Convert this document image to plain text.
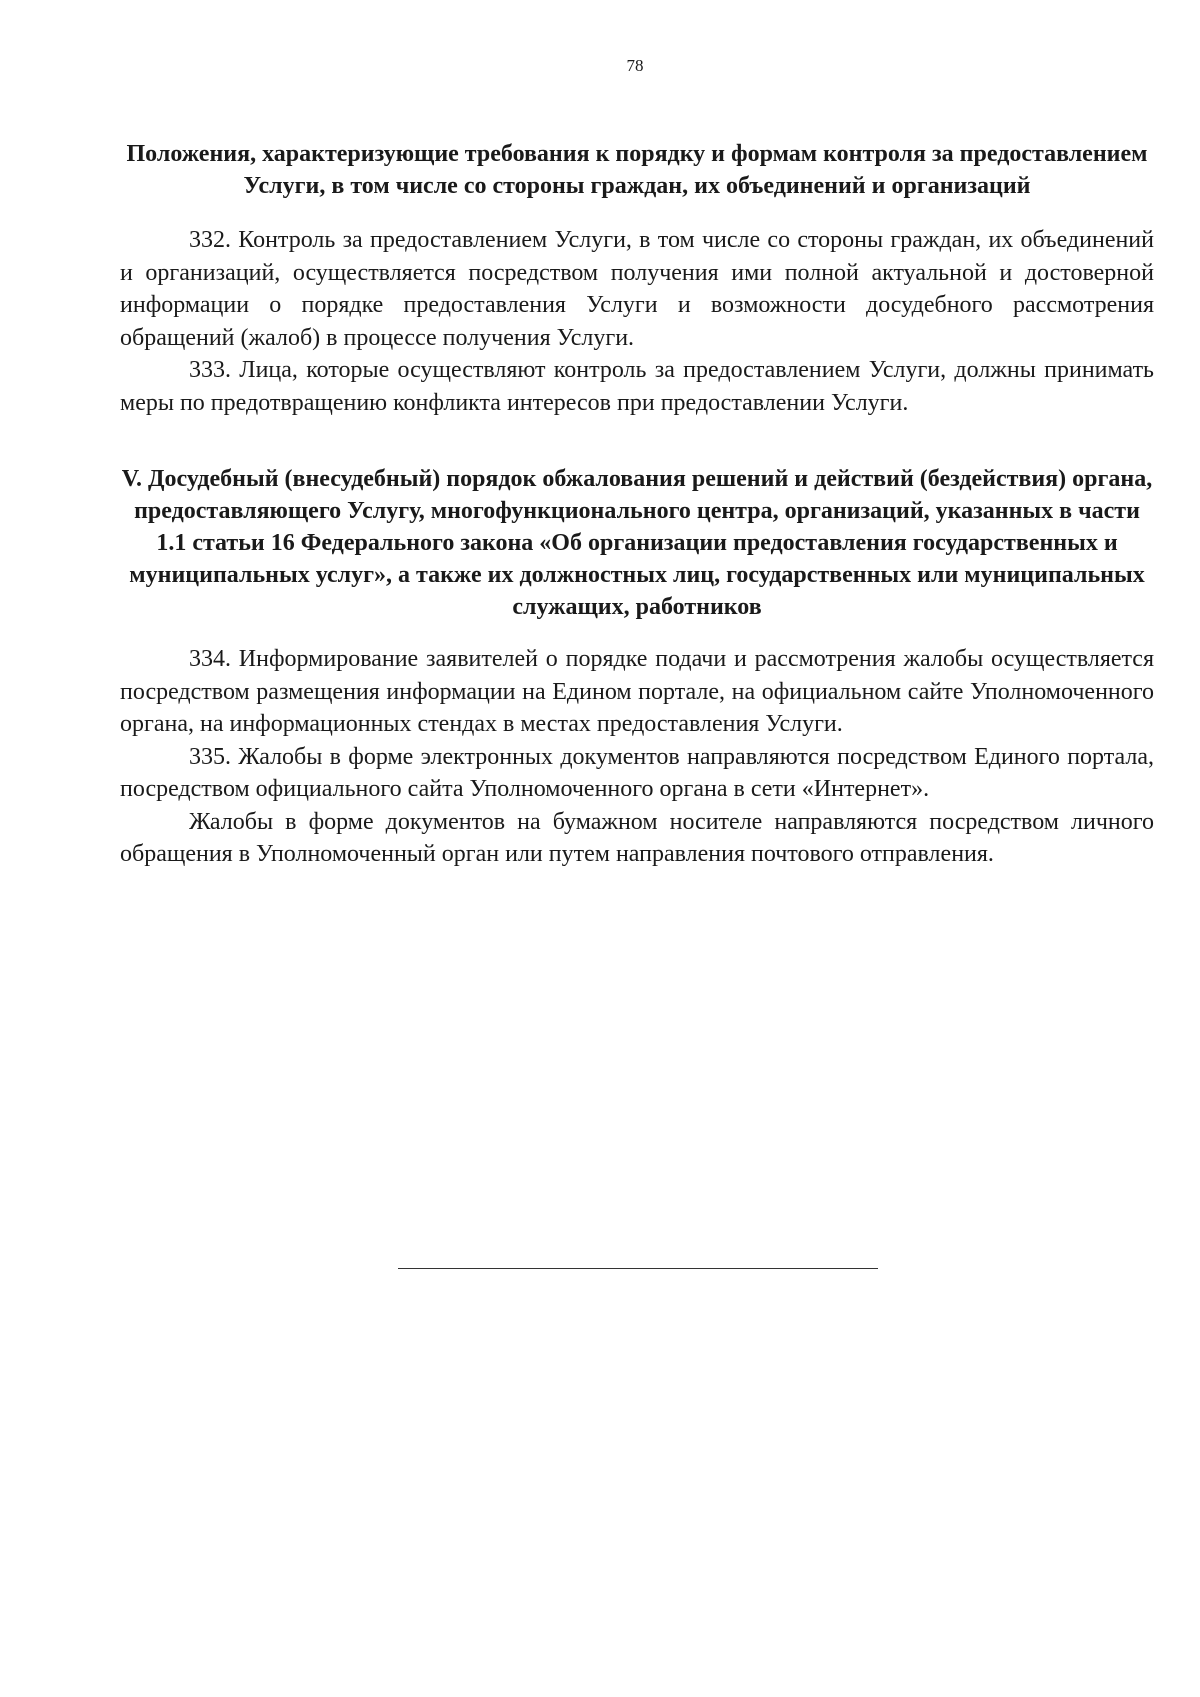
78
Положения, характеризующие требования к порядку и формам контроля за предоставлением Услуги, в том числе со стороны граждан, их объединений и организаций

332. Контроль за предоставлением Услуги, в том числе со стороны граждан, их объединений и организаций, осуществляется посредством получения ими полной актуальной и достоверной информации о порядке предоставления Услуги и возможности досудебного рассмотрения обращений (жалоб) в процессе получения Услуги.

333. Лица, которые осуществляют контроль за предоставлением Услуги, должны принимать меры по предотвращению конфликта интересов при предоставлении Услуги.

V. Досудебный (внесудебный) порядок обжалования решений и действий (бездействия) органа, предоставляющего Услугу, многофункционального центра, организаций, указанных в части 1.1 статьи 16 Федерального закона «Об организации предоставления государственных и муниципальных услуг», а также их должностных лиц, государственных или муниципальных служащих, работников

334. Информирование заявителей о порядке подачи и рассмотрения жалобы осуществляется посредством размещения информации на Едином портале, на официальном сайте Уполномоченного органа, на информационных стендах в местах предоставления Услуги.

335. Жалобы в форме электронных документов направляются посредством Единого портала, посредством официального сайта Уполномоченного органа в сети «Интернет».

Жалобы в форме документов на бумажном носителе направляются посредством личного обращения в Уполномоченный орган или путем направления почтового отправления.
